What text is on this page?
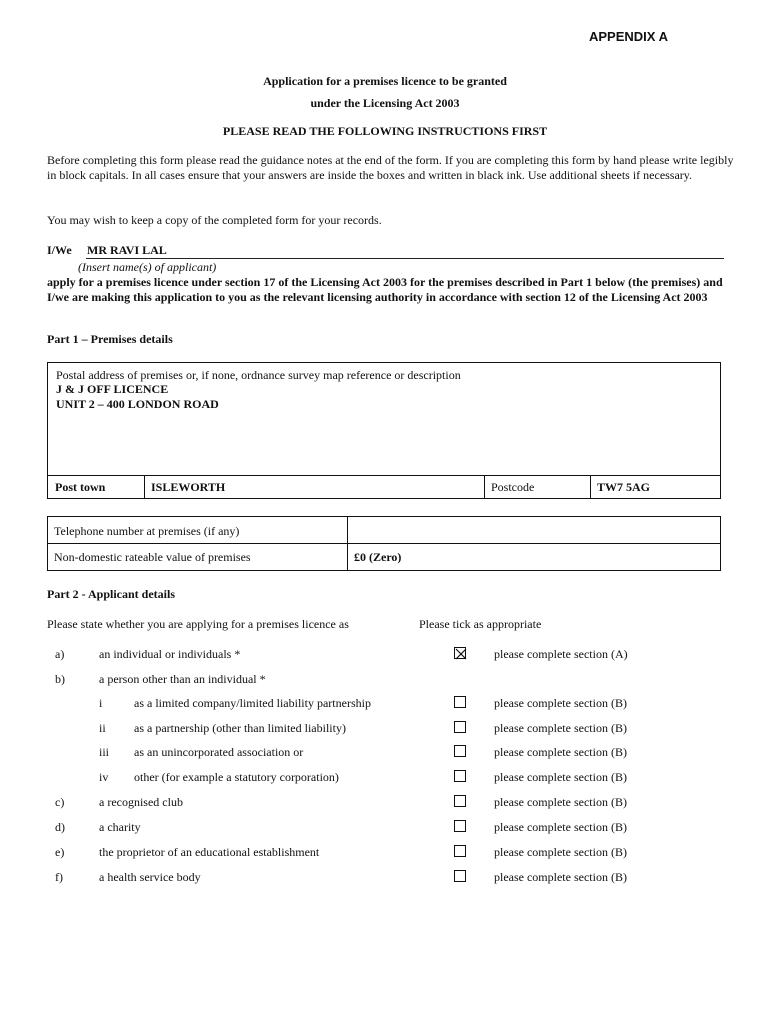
APPENDIX A
Application for a premises licence to be granted
under the Licensing Act 2003
PLEASE READ THE FOLLOWING INSTRUCTIONS FIRST
Before completing this form please read the guidance notes at the end of the form. If you are completing this form by hand please write legibly in block capitals. In all cases ensure that your answers are inside the boxes and written in black ink. Use additional sheets if necessary.
You may wish to keep a copy of the completed form for your records.
I/We MR RAVI LAL
(Insert name(s) of applicant)
apply for a premises licence under section 17 of the Licensing Act 2003 for the premises described in Part 1 below (the premises) and I/we are making this application to you as the relevant licensing authority in accordance with section 12 of the Licensing Act 2003
Part 1 – Premises details
Postal address of premises or, if none, ordnance survey map reference or description
J & J OFF LICENCE
UNIT 2 – 400 LONDON ROAD
Post town	ISLEWORTH	Postcode	TW7 5AG
Telephone number at premises (if any)
Non-domestic rateable value of premises	£0 (Zero)
Part 2 - Applicant details
Please state whether you are applying for a premises licence as	Please tick as appropriate
a)	an individual or individuals *	please complete section (A)
b)	a person other than an individual *
i	as a limited company/limited liability partnership	please complete section (B)
ii as a partnership (other than limited liability)	please complete section (B)
iii as an unincorporated association or	please complete section (B)
iv other (for example a statutory corporation)	please complete section (B)
c)	a recognised club	please complete section (B)
d)	a charity	please complete section (B)
e)	the proprietor of an educational establishment	please complete section (B)
f)	a health service body	please complete section (B)
